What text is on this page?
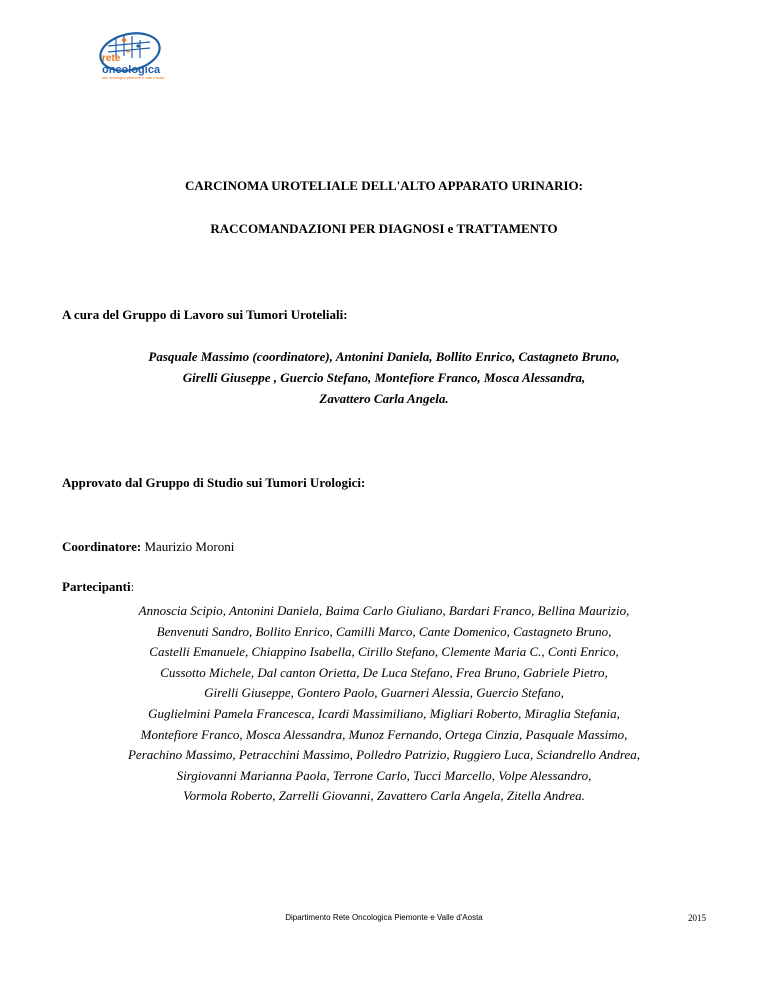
+
rete
oncologica
rete oncologica piemonte e valle d'aosta
CARCINOMA UROTELIALE DELL'ALTO APPARATO URINARIO:
RACCOMANDAZIONI PER DIAGNOSI e TRATTAMENTO
A cura del Gruppo di Lavoro sui Tumori Uroteliali:
Pasquale Massimo (coordinatore), Antonini Daniela, Bollito Enrico, Castagneto Bruno,
Girelli Giuseppe , Guercio Stefano, Montefiore Franco, Mosca Alessandra,
Zavattero Carla Angela.
Approvato dal Gruppo di Studio sui Tumori Urologici:
Coordinatore: Maurizio Moroni
Partecipanti:
Annoscia Scipio, Antonini Daniela, Baima Carlo Giuliano, Bardari Franco, Bellina Maurizio,
Benvenuti Sandro, Bollito Enrico, Camilli Marco, Cante Domenico, Castagneto Bruno,
Castelli Emanuele, Chiappino Isabella, Cirillo Stefano, Clemente Maria C., Conti Enrico,
Cussotto Michele, Dal canton Orietta, De Luca Stefano, Frea Bruno, Gabriele Pietro,
Girelli Giuseppe, Gontero Paolo, Guarneri Alessia, Guercio Stefano,
Guglielmini Pamela Francesca, Icardi Massimiliano, Migliari Roberto, Miraglia Stefania,
Montefiore Franco, Mosca Alessandra, Munoz Fernando, Ortega Cinzia, Pasquale Massimo,
Perachino Massimo, Petracchini Massimo, Polledro Patrizio, Ruggiero Luca, Sciandrello Andrea,
Sirgiovanni Marianna Paola, Terrone Carlo, Tucci Marcello, Volpe Alessandro,
Vormola Roberto, Zarrelli Giovanni, Zavattero Carla Angela, Zitella Andrea.
Dipartimento Rete Oncologica Piemonte e Valle d'Aosta	2015
